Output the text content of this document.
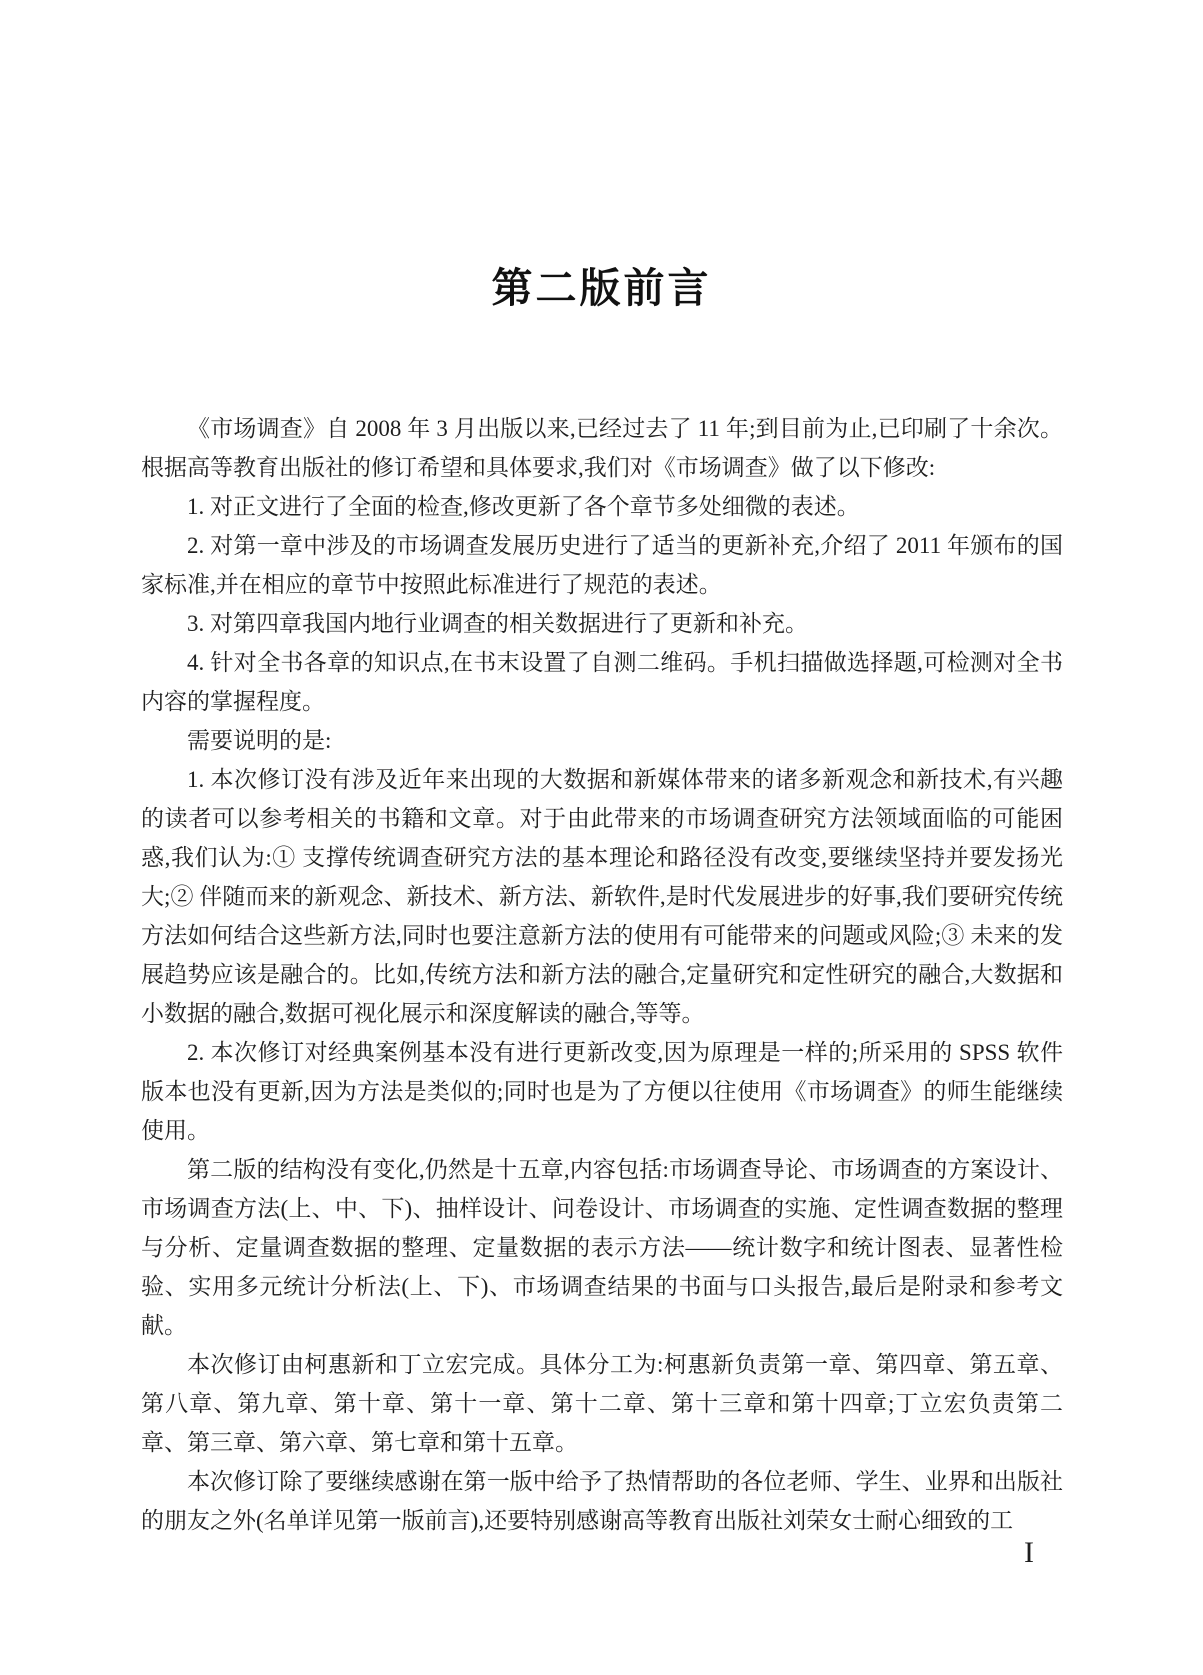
第二版前言

《市场调查》自 2008 年 3 月出版以来,已经过去了 11 年;到目前为止,已印刷了十余次。根据高等教育出版社的修订希望和具体要求,我们对《市场调查》做了以下修改:

1. 对正文进行了全面的检查,修改更新了各个章节多处细微的表述。

2. 对第一章中涉及的市场调查发展历史进行了适当的更新补充,介绍了 2011 年颁布的国家标准,并在相应的章节中按照此标准进行了规范的表述。

3. 对第四章我国内地行业调查的相关数据进行了更新和补充。

4. 针对全书各章的知识点,在书末设置了自测二维码。手机扫描做选择题,可检测对全书内容的掌握程度。

需要说明的是:

1. 本次修订没有涉及近年来出现的大数据和新媒体带来的诸多新观念和新技术,有兴趣的读者可以参考相关的书籍和文章。对于由此带来的市场调查研究方法领域面临的可能困惑,我们认为:① 支撑传统调查研究方法的基本理论和路径没有改变,要继续坚持并要发扬光大;② 伴随而来的新观念、新技术、新方法、新软件,是时代发展进步的好事,我们要研究传统方法如何结合这些新方法,同时也要注意新方法的使用有可能带来的问题或风险;③ 未来的发展趋势应该是融合的。比如,传统方法和新方法的融合,定量研究和定性研究的融合,大数据和小数据的融合,数据可视化展示和深度解读的融合,等等。

2. 本次修订对经典案例基本没有进行更新改变,因为原理是一样的;所采用的 SPSS 软件版本也没有更新,因为方法是类似的;同时也是为了方便以往使用《市场调查》的师生能继续使用。

第二版的结构没有变化,仍然是十五章,内容包括:市场调查导论、市场调查的方案设计、市场调查方法(上、中、下)、抽样设计、问卷设计、市场调查的实施、定性调查数据的整理与分析、定量调查数据的整理、定量数据的表示方法——统计数字和统计图表、显著性检验、实用多元统计分析法(上、下)、市场调查结果的书面与口头报告,最后是附录和参考文献。

本次修订由柯惠新和丁立宏完成。具体分工为:柯惠新负责第一章、第四章、第五章、第八章、第九章、第十章、第十一章、第十二章、第十三章和第十四章;丁立宏负责第二章、第三章、第六章、第七章和第十五章。

本次修订除了要继续感谢在第一版中给予了热情帮助的各位老师、学生、业界和出版社的朋友之外(名单详见第一版前言),还要特别感谢高等教育出版社刘荣女士耐心细致的工

I
